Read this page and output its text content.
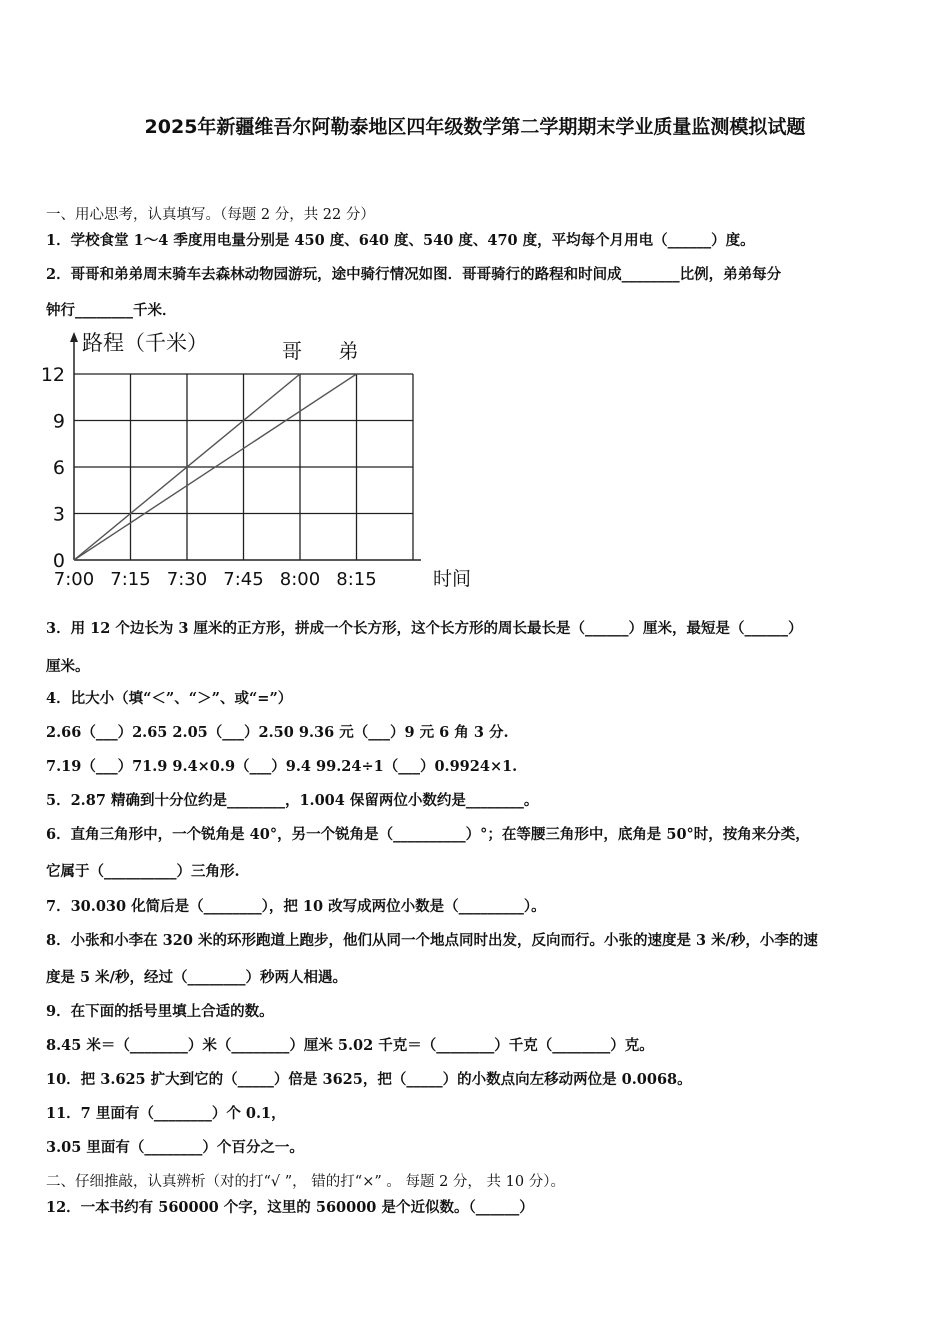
2025年新疆维吾尔阿勒泰地区四年级数学第二学期期末学业质量监测模拟试题
一、用心思考，认真填写。（每题 2 分，共 22 分）
1．学校食堂 1～4 季度用电量分别是 450 度、640 度、540 度、470 度，平均每个月用电（______）度。
2．哥哥和弟弟周末骑车去森林动物园游玩，途中骑行情况如图．哥哥骑行的路程和时间成________比例，弟弟每分
钟行________千米．
0
3
6
9
12
7:00 7:15 7:30 7:45 8:00 8:15
路程（千米）
时间
哥 弟
3．用 12 个边长为 3 厘米的正方形，拼成一个长方形，这个长方形的周长最长是（______）厘米，最短是（______）
厘米。
4．比大小（填“＜”、“＞”、或“=”）
2.66（___）2.65 2.05（___）2.50 9.36 元（___）9 元 6 角 3 分.
7.19（___）71.9 9.4×0.9（___）9.4 99.24÷1（___）0.9924×1.
5．2.87 精确到十分位约是________，1.004 保留两位小数约是________。
6．直角三角形中，一个锐角是 40°，另一个锐角是（__________）°；在等腰三角形中，底角是 50°时，按角来分类，
它属于（__________）三角形.
7．30.030 化简后是（________），把 10 改写成两位小数是（_________）。
8．小张和小李在 320 米的环形跑道上跑步，他们从同一个地点同时出发，反向而行。小张的速度是 3 米/秒，小李的速
度是 5 米/秒，经过（________）秒两人相遇。
9．在下面的括号里填上合适的数。
8.45 米＝（________）米（________）厘米 5.02 千克＝（________）千克（________）克。
10．把 3.625 扩大到它的（_____）倍是 3625，把（_____）的小数点向左移动两位是 0.0068。
11．7 里面有（________）个 0.1，
3.05 里面有（________）个百分之一。
二、仔细推敲，认真辨析（对的打“√ ”， 错的打“×” 。 每题 2 分， 共 10 分）。
12．一本书约有 560000 个字，这里的 560000 是个近似数。（______）
